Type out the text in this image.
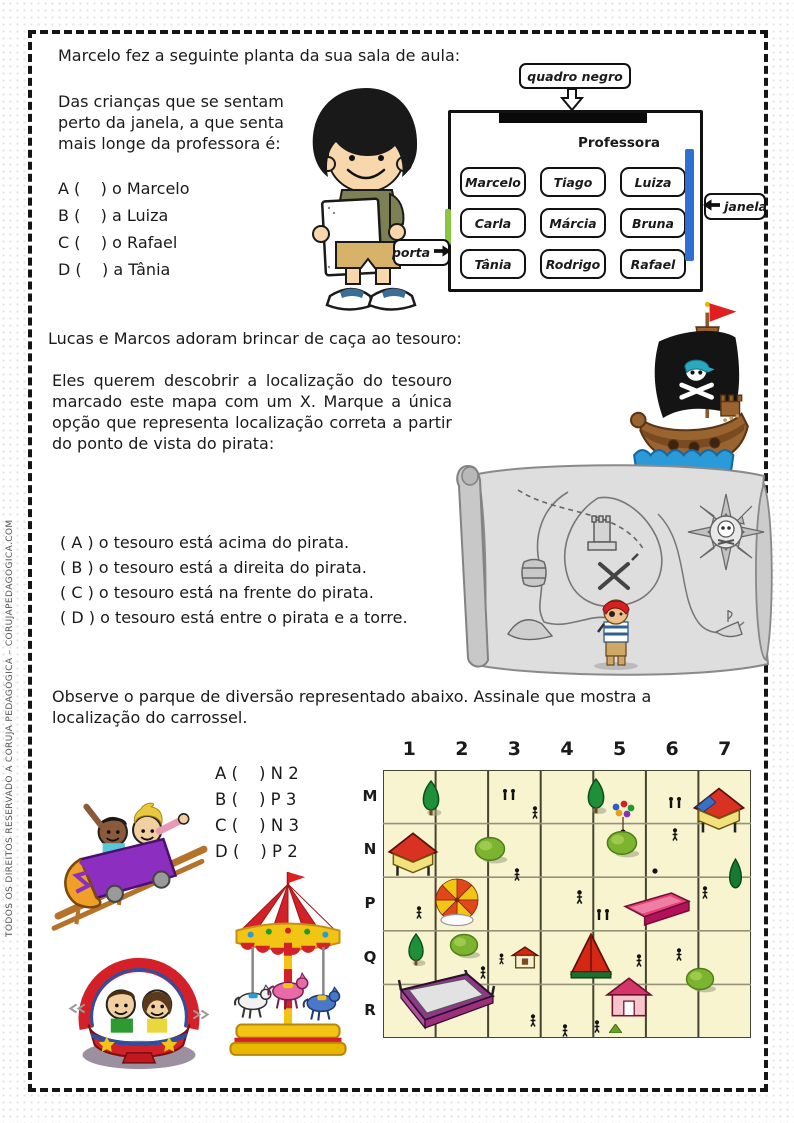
TODOS OS DIREITOS RESERVADO A CORUJA PEDAGÓGICA – CORUJAPEDAGOGICA.COM
Marcelo fez a seguinte planta da sua sala de aula:
Das crianças que se sentam perto da janela, a que senta mais longe da professora é:
A (    ) o Marcelo
B (    ) a Luiza
C (    ) o Rafael
D (    ) a Tânia
quadro negro
Professora
Marcelo	Tiago	Luiza
Carla	Márcia	Bruna
Tânia	Rodrigo	Rafael
porta
janela
Lucas e Marcos adoram brincar de caça ao tesouro:
Eles querem descobrir a localização do tesouro marcado este mapa com um X. Marque a única opção que representa localização correta a partir do ponto de vista do pirata:
( A ) o tesouro está acima do pirata.
( B ) o tesouro está a direita do pirata.
( C ) o tesouro está na frente do pirata.
( D ) o tesouro está entre o pirata e a torre.
Observe o parque de diversão representado abaixo. Assinale que mostra a localização do carrossel.
A (    ) N 2
B (    ) P 3
C (    ) N 3
D (    ) P 2
1 2 3 4 5 6 7
M
N
P
Q
R
